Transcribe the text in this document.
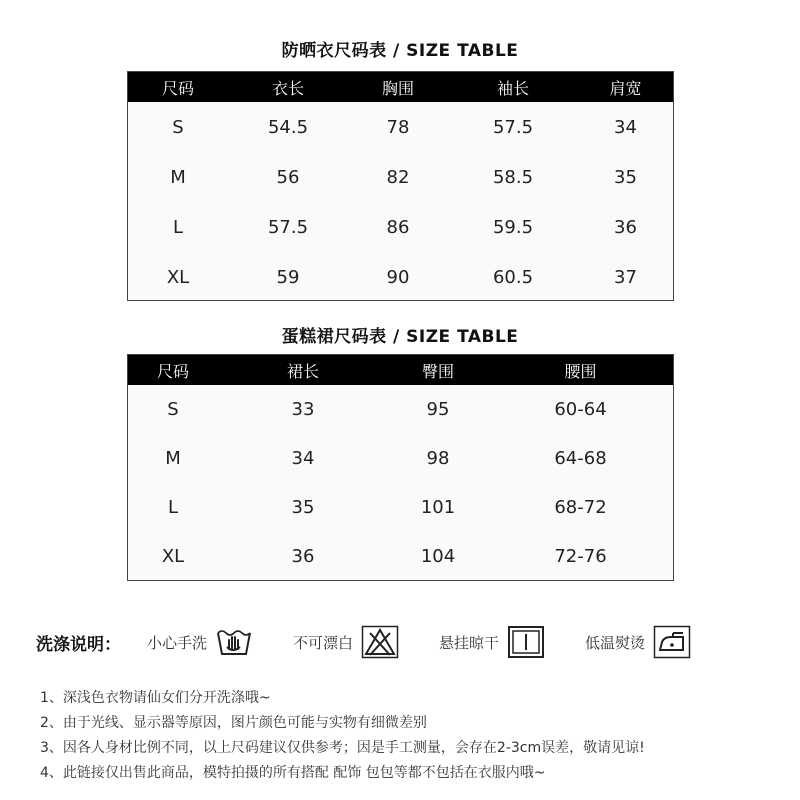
防晒衣尺码表 / SIZE TABLE
尺码	衣长	胸围	袖长	肩宽
S	54.5	78	57.5	34
M	56	82	58.5	35
L	57.5	86	59.5	36
XL	59	90	60.5	37
蛋糕裙尺码表 / SIZE TABLE
尺码	裙长	臀围	腰围
S	33	95	60-64
M	34	98	64-68
L	35	101	68-72
XL	36	104	72-76
洗涤说明： 小心手洗	不可漂白	悬挂晾干	低温熨烫
1、深浅色衣物请仙女们分开洗涤哦~
2、由于光线、显示器等原因，图片颜色可能与实物有细微差别
3、因各人身材比例不同，以上尺码建议仅供参考；因是手工测量，会存在2-3cm误差，敬请见谅!
4、此链接仅出售此商品，模特拍摄的所有搭配 配饰 包包等都不包括在衣服内哦~
